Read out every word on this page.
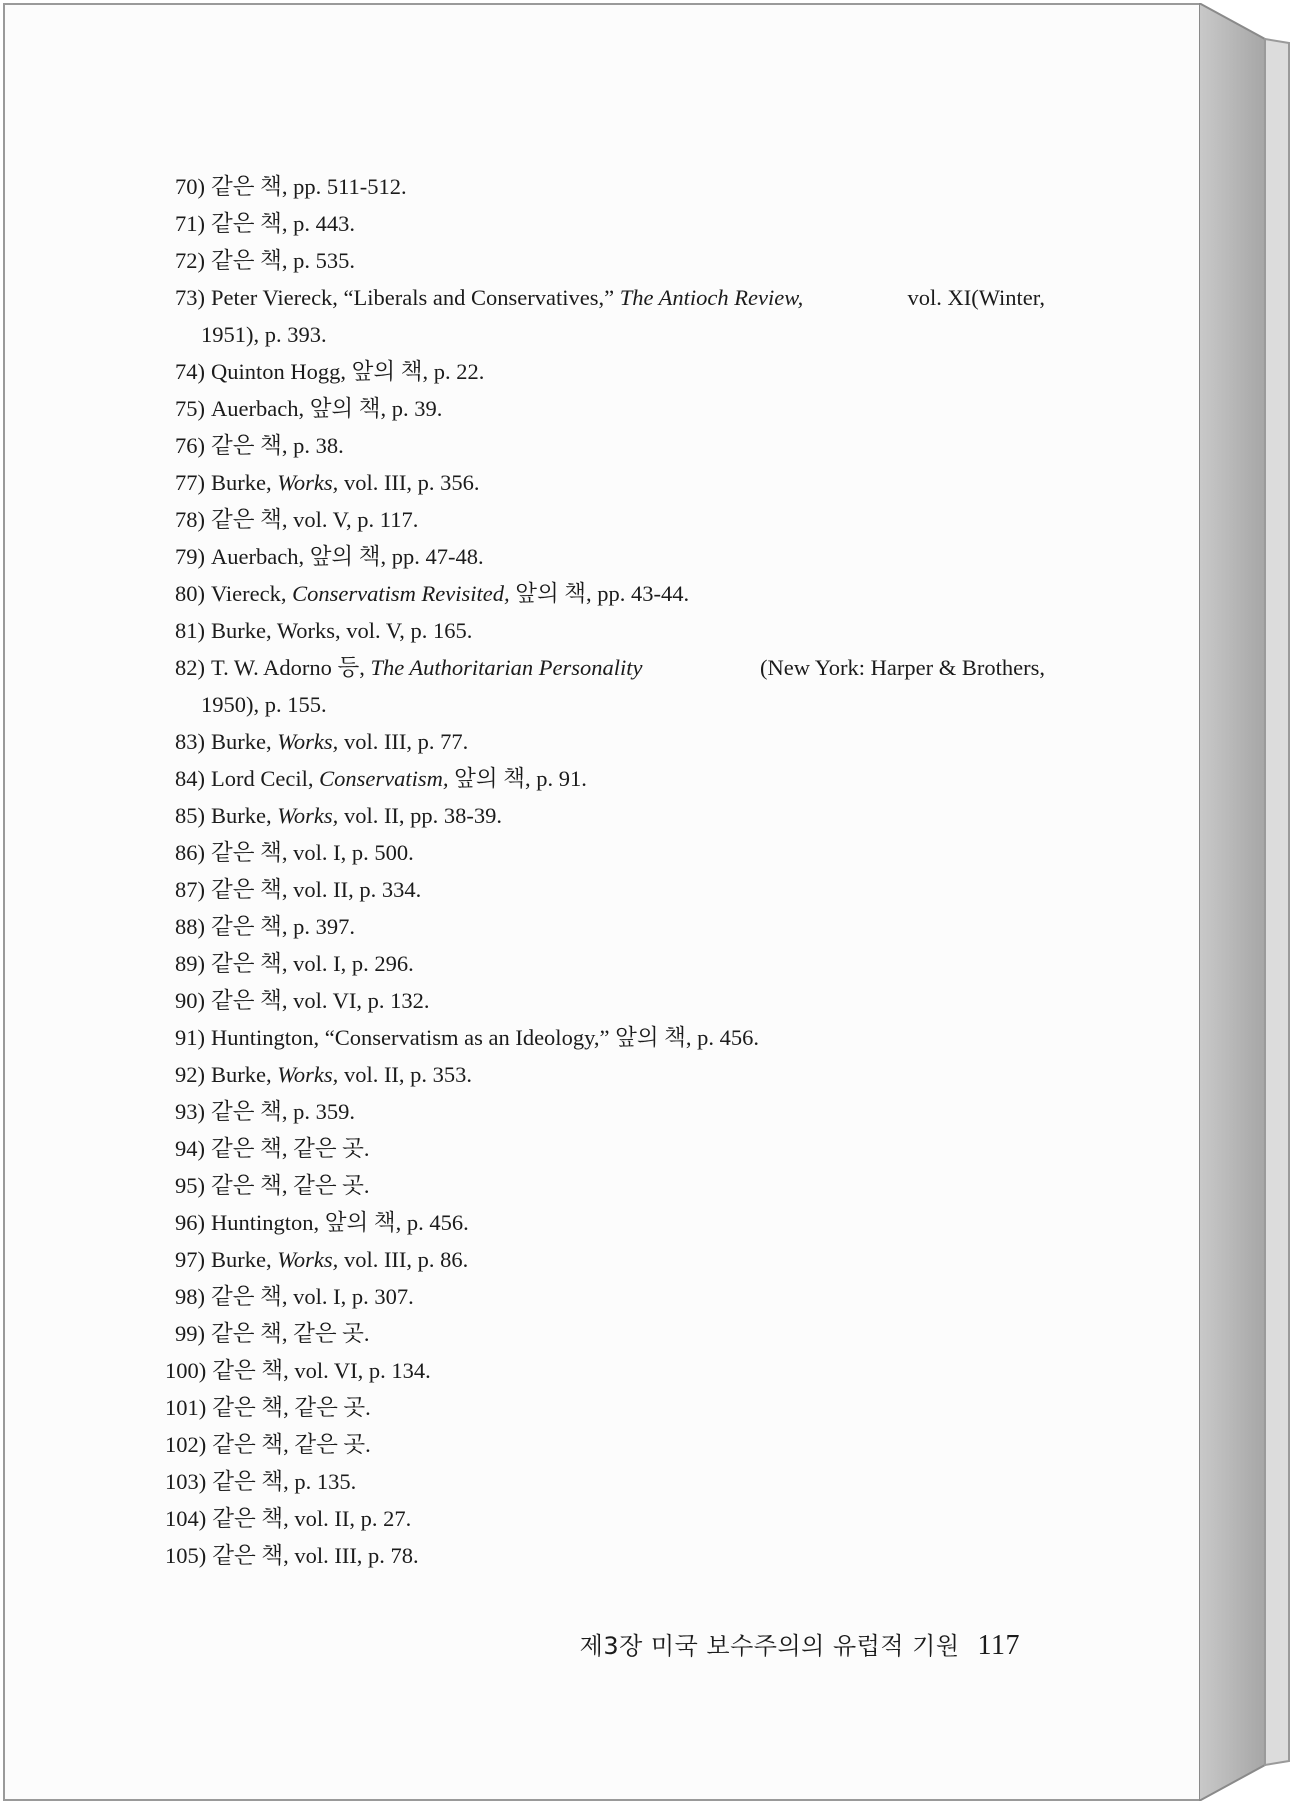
70) 같은 책, pp. 511-512.
71) 같은 책, p. 443.
72) 같은 책, p. 535.
73) Peter Viereck, “Liberals and Conservatives,” The Antioch Review,	vol. XI(Winter,
1951), p. 393.
74) Quinton Hogg, 앞의 책, p. 22.
75) Auerbach, 앞의 책, p. 39.
76) 같은 책, p. 38.
77) Burke, Works, vol. III, p. 356.
78) 같은 책, vol. V, p. 117.
79) Auerbach, 앞의 책, pp. 47-48.
80) Viereck, Conservatism Revisited, 앞의 책, pp. 43-44.
81) Burke, Works, vol. V, p. 165.
82) T. W. Adorno 등, The Authoritarian Personality	(New York: Harper & Brothers,
1950), p. 155.
83) Burke, Works, vol. III, p. 77.
84) Lord Cecil, Conservatism, 앞의 책, p. 91.
85) Burke, Works, vol. II, pp. 38-39.
86) 같은 책, vol. I, p. 500.
87) 같은 책, vol. II, p. 334.
88) 같은 책, p. 397.
89) 같은 책, vol. I, p. 296.
90) 같은 책, vol. VI, p. 132.
91) Huntington, “Conservatism as an Ideology,” 앞의 책, p. 456.
92) Burke, Works, vol. II, p. 353.
93) 같은 책, p. 359.
94) 같은 책, 같은 곳.
95) 같은 책, 같은 곳.
96) Huntington, 앞의 책, p. 456.
97) Burke, Works, vol. III, p. 86.
98) 같은 책, vol. I, p. 307.
99) 같은 책, 같은 곳.
100) 같은 책, vol. VI, p. 134.
101) 같은 책, 같은 곳.
102) 같은 책, 같은 곳.
103) 같은 책, p. 135.
104) 같은 책, vol. II, p. 27.
105) 같은 책, vol. III, p. 78.
제3장 미국 보수주의의 유럽적 기원 117
